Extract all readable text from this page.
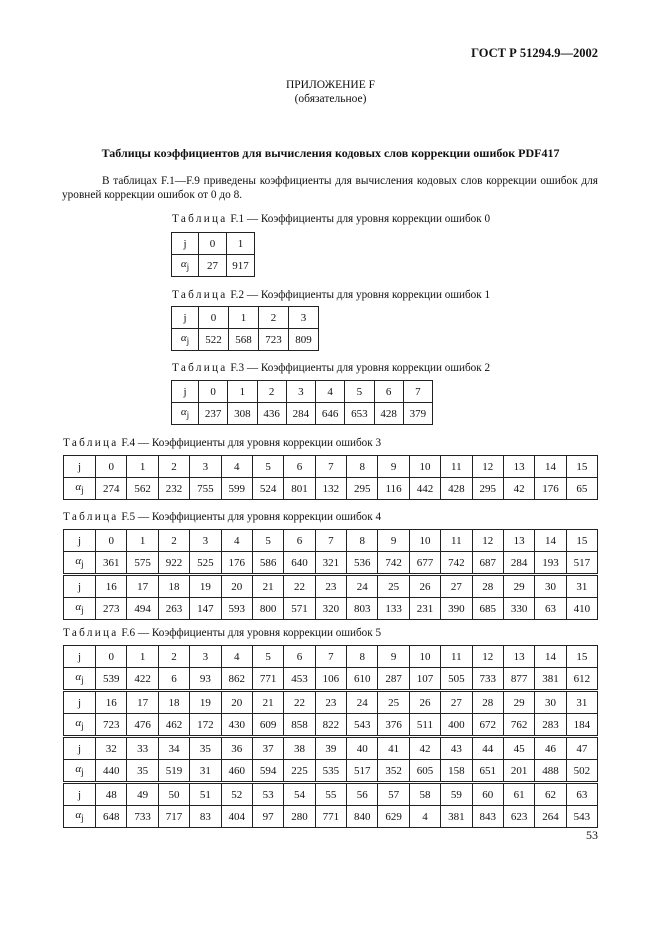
ГОСТ Р 51294.9—2002
ПРИЛОЖЕНИЕ F
(обязательное)
Таблицы коэффициентов для вычисления кодовых слов коррекции ошибок PDF417
В таблицах F.1—F.9 приведены коэффициенты для вычисления кодовых слов коррекции ошибок для уровней коррекции ошибок от 0 до 8.
Таблица F.1 — Коэффициенты для уровня коррекции ошибок 0
j	0	1
$\alpha_j$	27	917
Таблица F.2 — Коэффициенты для уровня коррекции ошибок 1
j	0	1	2	3
$\alpha_j$	522	568	723	809
Таблица F.3 — Коэффициенты для уровня коррекции ошибок 2
j	0	1	2	3	4	5	6	7
$\alpha_j$	237	308	436	284	646	653	428	379
Таблица F.4 — Коэффициенты для уровня коррекции ошибок 3
j	0	1	2	3	4	5	6	7	8	9	10	11	12	13	14	15
$\alpha_j$	274	562	232	755	599	524	801	132	295	116	442	428	295	42	176	65
Таблица F.5 — Коэффициенты для уровня коррекции ошибок 4
j	0	1	2	3	4	5	6	7	8	9	10	11	12	13	14	15
$\alpha_j$	361	575	922	525	176	586	640	321	536	742	677	742	687	284	193	517
j	16	17	18	19	20	21	22	23	24	25	26	27	28	29	30	31
$\alpha_j$	273	494	263	147	593	800	571	320	803	133	231	390	685	330	63	410
Таблица F.6 — Коэффициенты для уровня коррекции ошибок 5
j	0	1	2	3	4	5	6	7	8	9	10	11	12	13	14	15
$\alpha_j$	539	422	6	93	862	771	453	106	610	287	107	505	733	877	381	612
j	16	17	18	19	20	21	22	23	24	25	26	27	28	29	30	31
$\alpha_j$	723	476	462	172	430	609	858	822	543	376	511	400	672	762	283	184
j	32	33	34	35	36	37	38	39	40	41	42	43	44	45	46	47
$\alpha_j$	440	35	519	31	460	594	225	535	517	352	605	158	651	201	488	502
j	48	49	50	51	52	53	54	55	56	57	58	59	60	61	62	63
$\alpha_j$	648	733	717	83	404	97	280	771	840	629	4	381	843	623	264	543
53
